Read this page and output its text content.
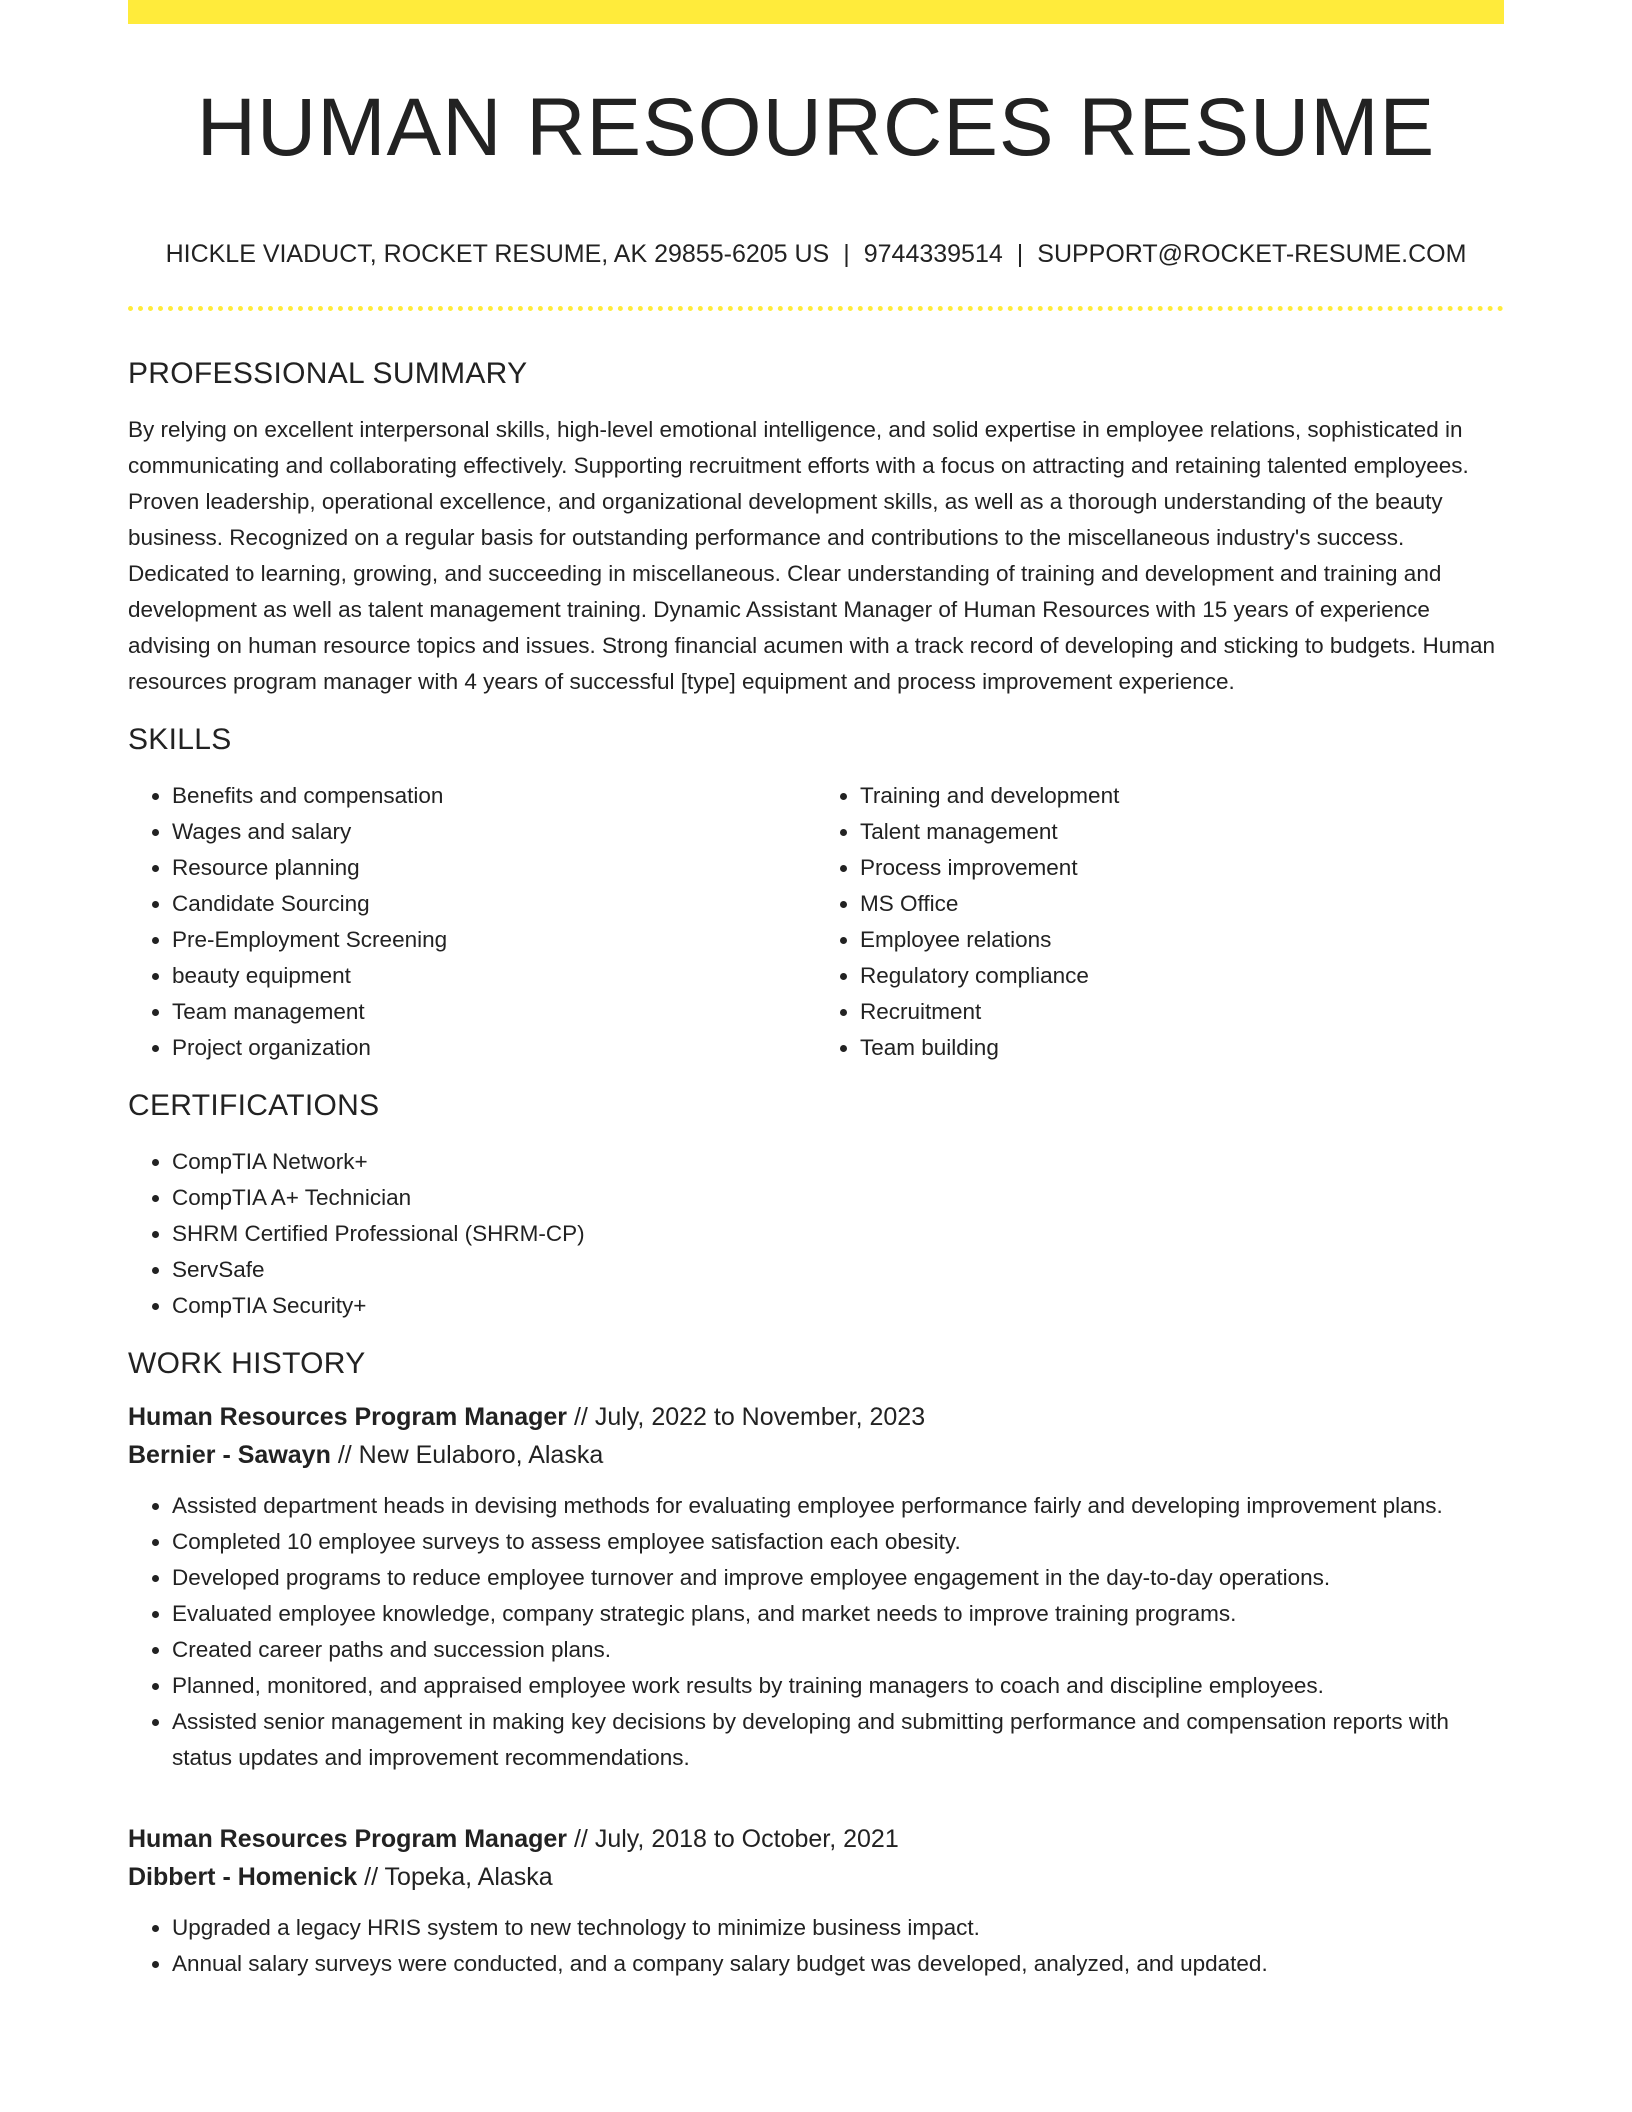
HUMAN RESOURCES RESUME
HICKLE VIADUCT, ROCKET RESUME, AK 29855-6205 US | 9744339514 | SUPPORT@ROCKET-RESUME.COM
PROFESSIONAL SUMMARY

By relying on excellent interpersonal skills, high-level emotional intelligence, and solid expertise in employee relations, sophisticated in communicating and collaborating effectively. Supporting recruitment efforts with a focus on attracting and retaining talented employees. Proven leadership, operational excellence, and organizational development skills, as well as a thorough understanding of the beauty business. Recognized on a regular basis for outstanding performance and contributions to the miscellaneous industry's success. Dedicated to learning, growing, and succeeding in miscellaneous. Clear understanding of training and development and training and development as well as talent management training. Dynamic Assistant Manager of Human Resources with 15 years of experience advising on human resource topics and issues. Strong financial acumen with a track record of developing and sticking to budgets. Human resources program manager with 4 years of successful [type] equipment and process improvement experience.

SKILLS
• Benefits and compensation
• Wages and salary
• Resource planning
• Candidate Sourcing
• Pre-Employment Screening
• beauty equipment
• Team management
• Project organization
• Training and development
• Talent management
• Process improvement
• MS Office
• Employee relations
• Regulatory compliance
• Recruitment
• Team building
CERTIFICATIONS
• CompTIA Network+
• CompTIA A+ Technician
• SHRM Certified Professional (SHRM-CP)
• ServSafe
• CompTIA Security+
WORK HISTORY
Human Resources Program Manager // July, 2022 to November, 2023
Bernier - Sawayn // New Eulaboro, Alaska
• Assisted department heads in devising methods for evaluating employee performance fairly and developing improvement plans.
• Completed 10 employee surveys to assess employee satisfaction each obesity.
• Developed programs to reduce employee turnover and improve employee engagement in the day-to-day operations.
• Evaluated employee knowledge, company strategic plans, and market needs to improve training programs.
• Created career paths and succession plans.
• Planned, monitored, and appraised employee work results by training managers to coach and discipline employees.
• Assisted senior management in making key decisions by developing and submitting performance and compensation reports with status updates and improvement recommendations.
Human Resources Program Manager // July, 2018 to October, 2021
Dibbert - Homenick // Topeka, Alaska
• Upgraded a legacy HRIS system to new technology to minimize business impact.
• Annual salary surveys were conducted, and a company salary budget was developed, analyzed, and updated.
